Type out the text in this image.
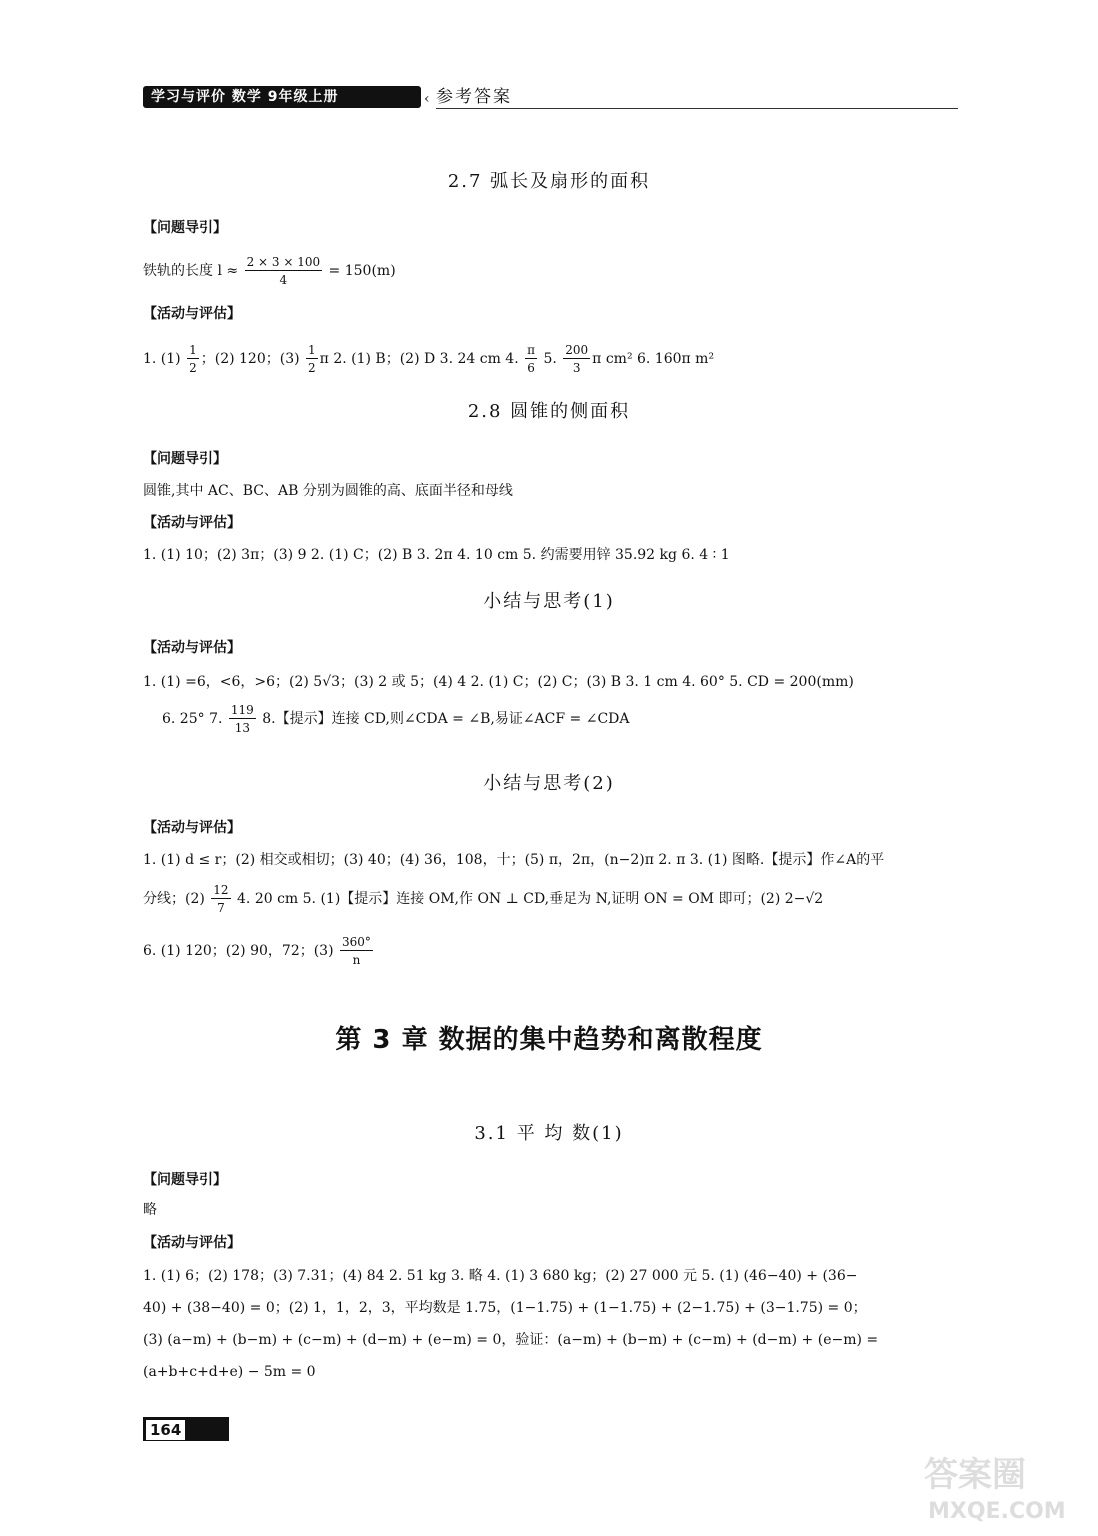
学习与评价 数学 9年级上册	‹ 参考答案
2.7 弧长及扇形的面积
【问题导引】
铁轨的长度 $l \approx \frac{2 \times 3 \times 100}{4} = 150(m)$
【活动与评估】
1. $(1) \frac{1}{2}$ ；(2) 120；$(3) \frac{1}{2}$ π 2. (1) B；(2) D 3. 24 cm 4. $\frac{\pi}{6} 5$. $\frac{200}{3}$ π cm² 6. 160π m²
2.8 圆锥的侧面积
【问题导引】
圆锥,其中 AC、BC、AB 分别为圆锥的高、底面半径和母线
【活动与评估】
1. (1) 10；(2) 3π；(3) 9 2. (1) C；(2) B 3. 2π 4. 10 cm 5. 约需要用锌 35.92 kg 6. 4 ∶ 1
小结与思考(1)
【活动与评估】
1. (1) =6，<6，>6；(2) 5√3；(3) 2 或 5；(4) 4 2. (1) C；(2) C；(3) B 3. 1 cm 4. 60° 5. CD = 200(mm)
6. 25° 7. $\frac{119}{13} 8$.【提示】连接 CD,则∠CDA = ∠B,易证∠ACF = ∠CDA
小结与思考(2)
【活动与评估】
1. (1) d ≤ r；(2) 相交或相切；(3) 40；(4) 36，108，十；(5) π，2π，(n−2)π 2. π 3. (1) 图略.【提示】作∠A的平
分线；$(2) \frac{12}{7} 4$. 20 cm 5. (1)【提示】连接 OM,作 ON ⊥ CD,垂足为 N,证明 ON = OM 即可；(2) 2−√2
6. (1) 120；(2) 90，72；$(3) \frac{360^\circ}{n}$
第 3 章 数据的集中趋势和离散程度
3.1 平 均 数(1)
【问题导引】
略
【活动与评估】
1. (1) 6；(2) 178；(3) 7.31；(4) 84 2. 51 kg 3. 略 4. (1) 3 680 kg；(2) 27 000 元 5. (1) (46−40) + (36−
40) + (38−40) = 0；(2) 1，1，2，3，平均数是 1.75，(1−1.75) + (1−1.75) + (2−1.75) + (3−1.75) = 0；
(3) (a−m) + (b−m) + (c−m) + (d−m) + (e−m) = 0，验证：(a−m) + (b−m) + (c−m) + (d−m) + (e−m) =
(a+b+c+d+e) − 5m = 0
164
答案圈
MXQE.COM
